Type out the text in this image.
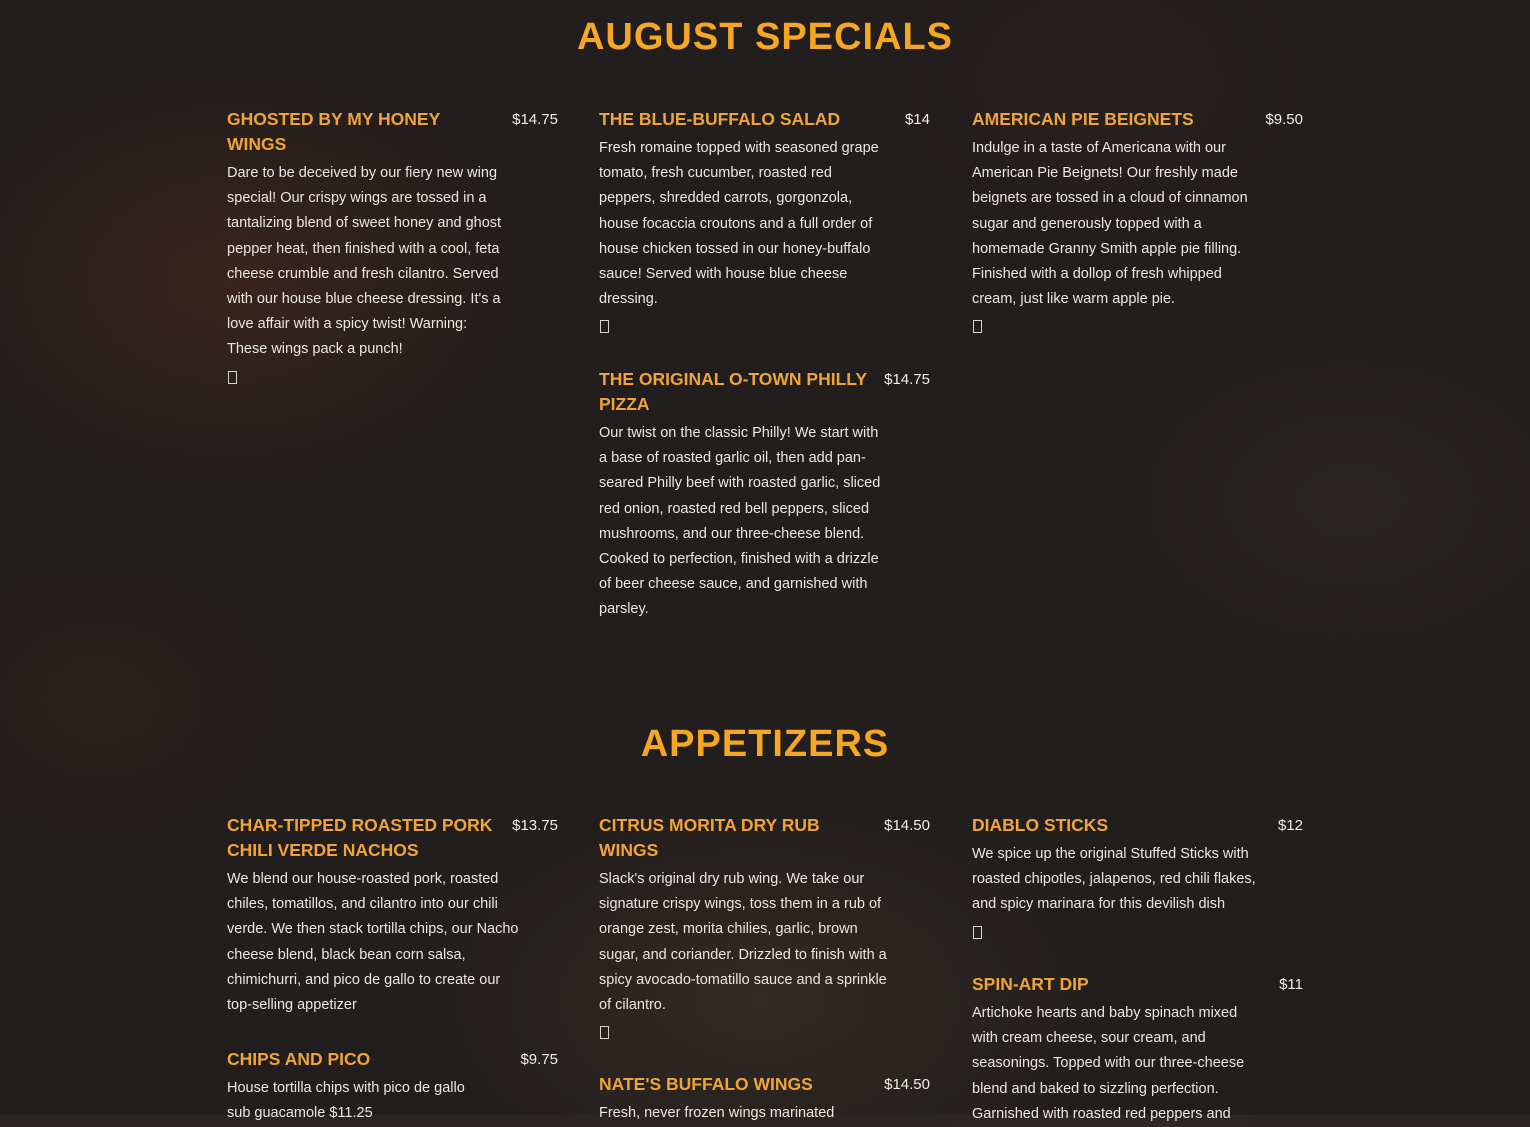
AUGUST SPECIALS
GHOSTED BY MY HONEY WINGS
$14.75
Dare to be deceived by our fiery new wing special! Our crispy wings are tossed in a tantalizing blend of sweet honey and ghost pepper heat, then finished with a cool, feta cheese crumble and fresh cilantro. Served with our house blue cheese dressing. It's a love affair with a spicy twist! Warning: These wings pack a punch!
THE BLUE-BUFFALO SALAD	$14
Fresh romaine topped with seasoned grape tomato, fresh cucumber, roasted red peppers, shredded carrots, gorgonzola, house focaccia croutons and a full order of house chicken tossed in our honey-buffalo sauce! Served with house blue cheese dressing.
AMERICAN PIE BEIGNETS	$9.50
Indulge in a taste of Americana with our American Pie Beignets! Our freshly made beignets are tossed in a cloud of cinnamon sugar and generously topped with a homemade Granny Smith apple pie filling. Finished with a dollop of fresh whipped cream, just like warm apple pie.
THE ORIGINAL O-TOWN PHILLY PIZZA
$14.75
Our twist on the classic Philly! We start with a base of roasted garlic oil, then add pan-seared Philly beef with roasted garlic, sliced red onion, roasted red bell peppers, sliced mushrooms, and our three-cheese blend. Cooked to perfection, finished with a drizzle of beer cheese sauce, and garnished with parsley.
APPETIZERS
CHAR-TIPPED ROASTED PORK CHILI VERDE NACHOS
$13.75
We blend our house-roasted pork, roasted chiles, tomatillos, and cilantro into our chili verde. We then stack tortilla chips, our Nacho cheese blend, black bean corn salsa, chimichurri, and pico de gallo to create our top-selling appetizer
CITRUS MORITA DRY RUB WINGS
$14.50
Slack's original dry rub wing. We take our signature crispy wings, toss them in a rub of orange zest, morita chilies, garlic, brown sugar, and coriander. Drizzled to finish with a spicy avocado-tomatillo sauce and a sprinkle of cilantro.
DIABLO STICKS	$12
We spice up the original Stuffed Sticks with roasted chipotles, jalapenos, red chili flakes, and spicy marinara for this devilish dish
CHIPS AND PICO	$9.75
House tortilla chips with pico de gallo sub guacamole $11.25
NATE'S BUFFALO WINGS	$14.50
Fresh, never frozen wings marinated
SPIN-ART DIP	$11
Artichoke hearts and baby spinach mixed with cream cheese, sour cream, and seasonings. Topped with our three-cheese blend and baked to sizzling perfection. Garnished with roasted red peppers and
